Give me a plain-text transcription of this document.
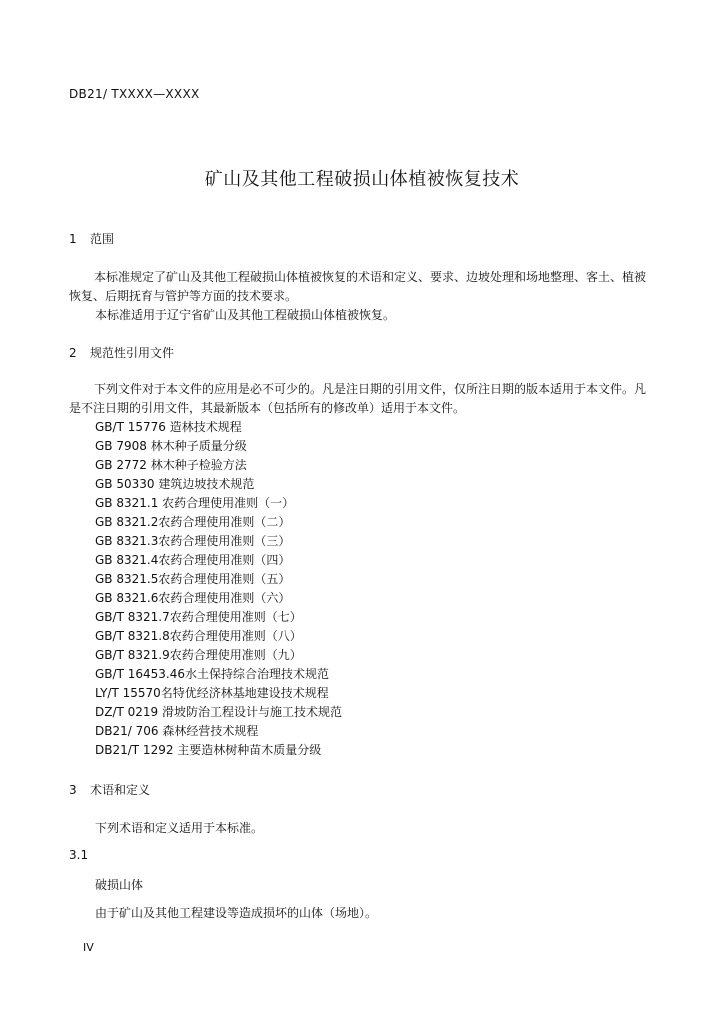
DB21/ TXXXX—XXXX
矿山及其他工程破损山体植被恢复技术
1 范围
本标准规定了矿山及其他工程破损山体植被恢复的术语和定义、要求、边坡处理和场地整理、客土、植被恢复、后期抚育与管护等方面的技术要求。
本标准适用于辽宁省矿山及其他工程破损山体植被恢复。
2 规范性引用文件
下列文件对于本文件的应用是必不可少的。凡是注日期的引用文件，仅所注日期的版本适用于本文件。凡是不注日期的引用文件，其最新版本（包括所有的修改单）适用于本文件。
GB/T 15776 造林技术规程
GB 7908 林木种子质量分级
GB 2772 林木种子检验方法
GB 50330 建筑边坡技术规范
GB 8321.1 农药合理使用准则（一）
GB 8321.2农药合理使用准则（二）
GB 8321.3农药合理使用准则（三）
GB 8321.4农药合理使用准则（四）
GB 8321.5农药合理使用准则（五）
GB 8321.6农药合理使用准则（六）
GB/T 8321.7农药合理使用准则（七）
GB/T 8321.8农药合理使用准则（八）
GB/T 8321.9农药合理使用准则（九）
GB/T 16453.46水土保持综合治理技术规范
LY/T 15570名特优经济林基地建设技术规程
DZ/T 0219 滑坡防治工程设计与施工技术规范
DB21/ 706 森林经营技术规程
DB21/T 1292 主要造林树种苗木质量分级
3 术语和定义
下列术语和定义适用于本标准。
3.1
破损山体
由于矿山及其他工程建设等造成损坏的山体（场地）。
IV
